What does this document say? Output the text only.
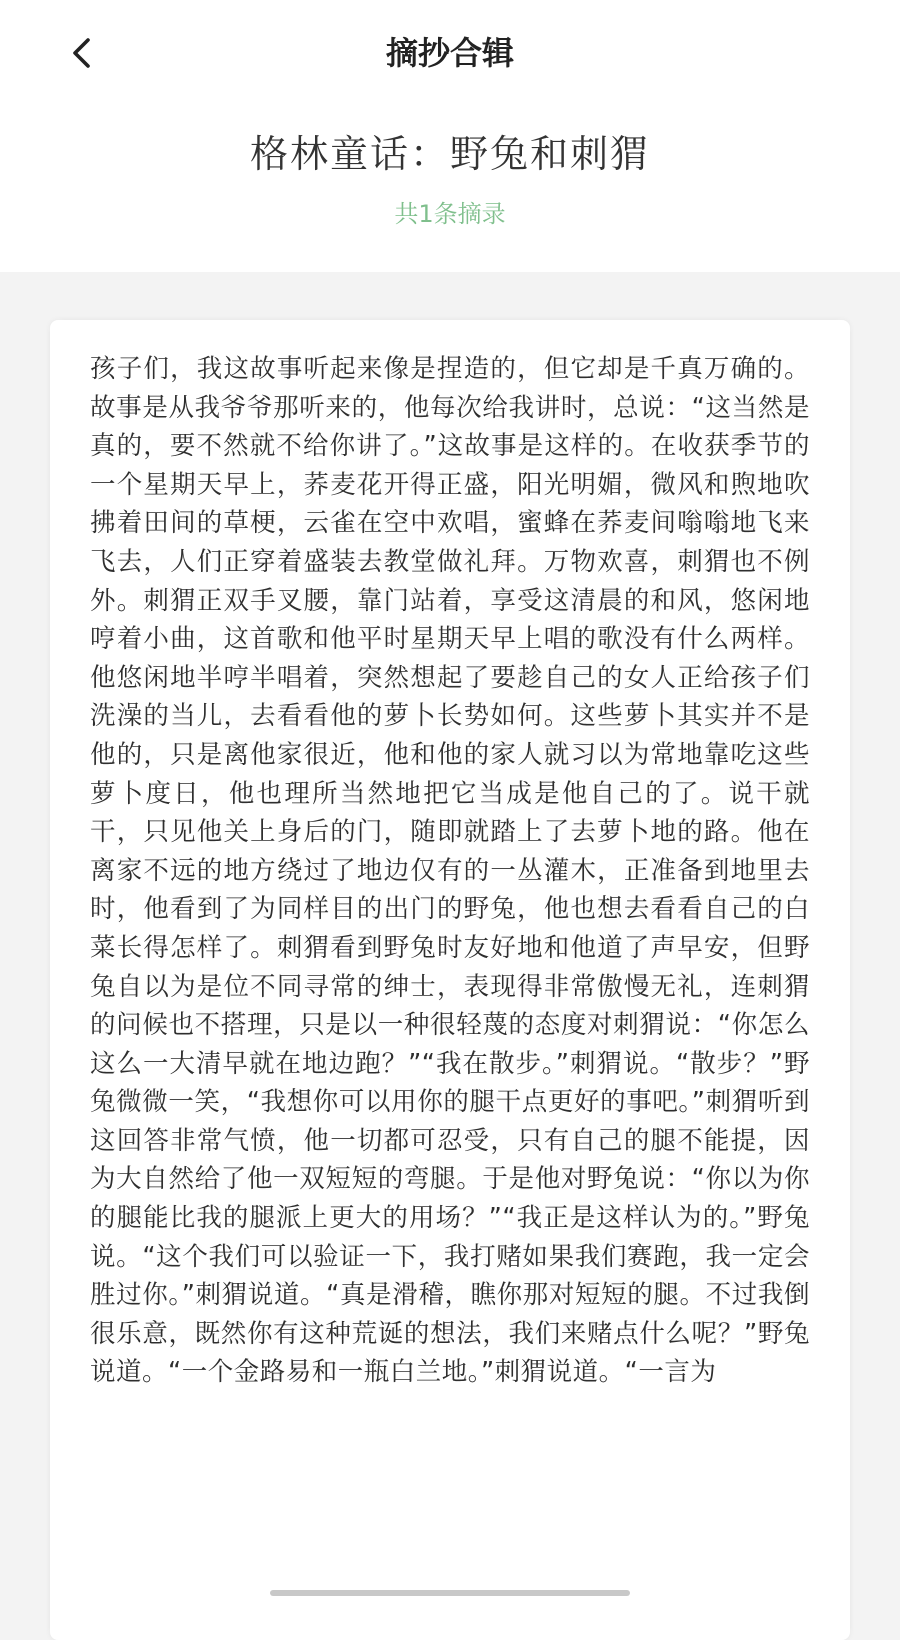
摘抄合辑
格林童话：野兔和刺猬
共1条摘录

孩子们，我这故事听起来像是捏造的，但它却是千真万确的。故事是从我爷爷那听来的，他每次给我讲时，总说：“这当然是真的，要不然就不给你讲了。”这故事是这样的。在收获季节的一个星期天早上，荞麦花开得正盛，阳光明媚，微风和煦地吹拂着田间的草梗，云雀在空中欢唱，蜜蜂在荞麦间嗡嗡地飞来飞去，人们正穿着盛装去教堂做礼拜。万物欢喜，刺猬也不例外。刺猬正双手叉腰，靠门站着，享受这清晨的和风，悠闲地哼着小曲，这首歌和他平时星期天早上唱的歌没有什么两样。他悠闲地半哼半唱着，突然想起了要趁自己的女人正给孩子们洗澡的当儿，去看看他的萝卜长势如何。这些萝卜其实并不是他的，只是离他家很近，他和他的家人就习以为常地靠吃这些萝卜度日，他也理所当然地把它当成是他自己的了。说干就干，只见他关上身后的门，随即就踏上了去萝卜地的路。他在离家不远的地方绕过了地边仅有的一丛灌木，正准备到地里去时，他看到了为同样目的出门的野兔，他也想去看看自己的白菜长得怎样了。刺猬看到野兔时友好地和他道了声早安，但野兔自以为是位不同寻常的绅士，表现得非常傲慢无礼，连刺猬的问候也不搭理，只是以一种很轻蔑的态度对刺猬说：“你怎么这么一大清早就在地边跑？”“我在散步。”刺猬说。“散步？”野兔微微一笑，“我想你可以用你的腿干点更好的事吧。”刺猬听到这回答非常气愤，他一切都可忍受，只有自己的腿不能提，因为大自然给了他一双短短的弯腿。于是他对野兔说：“你以为你的腿能比我的腿派上更大的用场？”“我正是这样认为的。”野兔说。“这个我们可以验证一下，我打赌如果我们赛跑，我一定会胜过你。”刺猬说道。“真是滑稽，瞧你那对短短的腿。不过我倒很乐意，既然你有这种荒诞的想法，我们来赌点什么呢？”野兔说道。“一个金路易和一瓶白兰地。”刺猬说道。“一言为
